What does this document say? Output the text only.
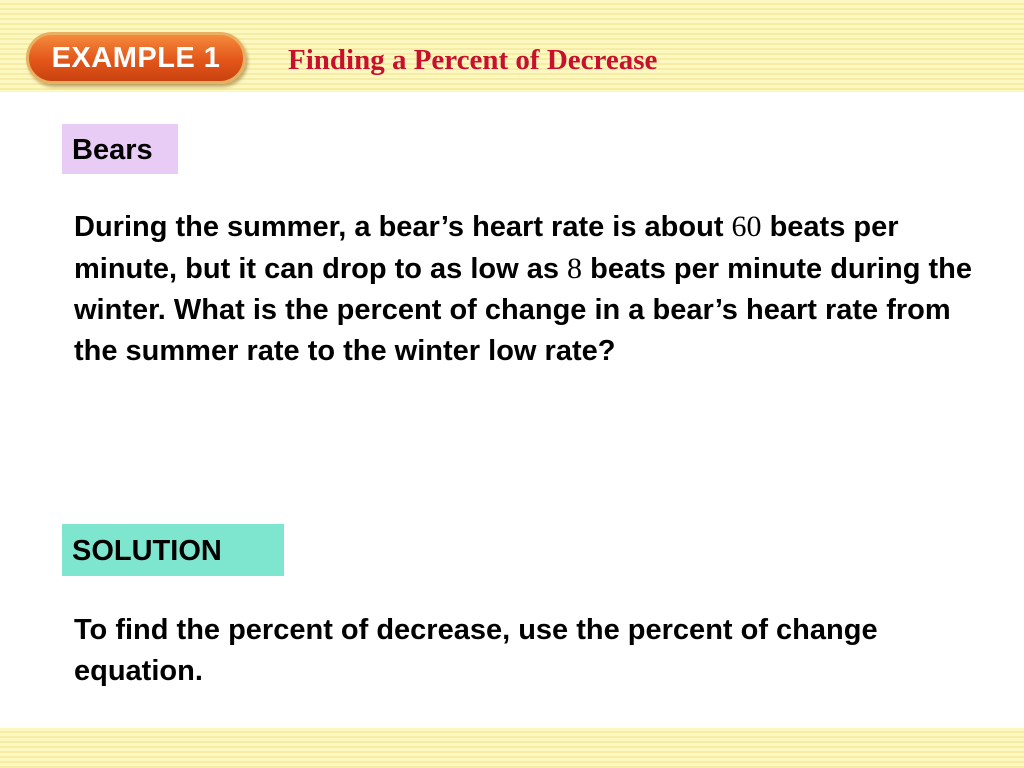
EXAMPLE 1	Finding a Percent of Decrease
Bears
During the summer, a bear’s heart rate is about 60 beats per minute, but it can drop to as low as 8 beats per minute during the winter. What is the percent of change in a bear’s heart rate from the summer rate to the winter low rate?
SOLUTION
To find the percent of decrease, use the percent of change equation.
